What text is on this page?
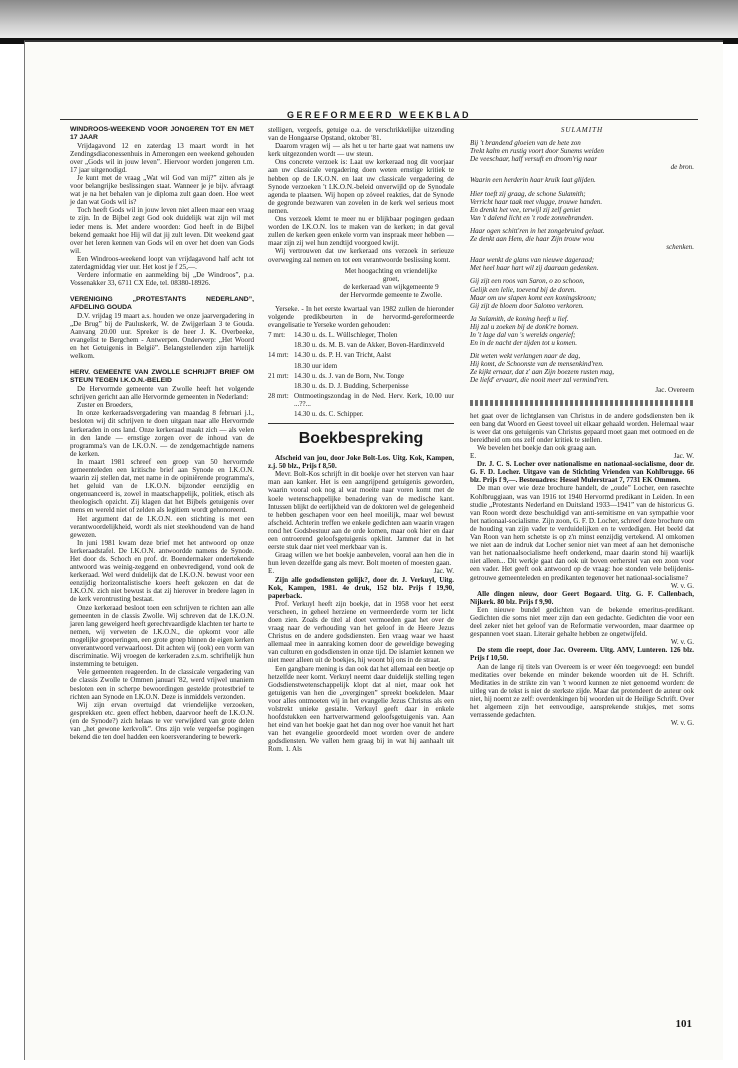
GEREFORMEERD WEEKBLAD
WINDROOS-WEEKEND VOOR JONGEREN TOT EN MET 17 JAAR

Vrijdagavond 12 en zaterdag 13 maart wordt in het Zendingsdiaconessenhuis in Amerongen een weekend gehouden over „Gods wil in jouw leven”. Hiervoor worden jongeren t.m. 17 jaar uitgenodigd.

Je kunt met de vraag „Wat wil God van mij?” zitten als je voor belangrijke beslissingen staat. Wanneer je je bijv. afvraagt wat je na het behalen van je diploma zult gaan doen. Hoe weet je dan wat Gods wil is?

Toch heeft Gods wil in jouw leven niet alleen maar een vraag te zijn. In de Bijbel zegt God ook duidelijk wat zijn wil met ieder mens is. Met andere woorden: God heeft in de Bijbel bekend gemaakt hoe Hij wil dat jij zult leven. Dit weekend gaat over het leren kennen van Gods wil en over het doen van Gods wil.

Een Windroos-weekend loopt van vrijdagavond half acht tot zaterdagmiddag vier uur. Het kost je f 25,—.

Verdere informatie en aanmelding bij „De Windroos”, p.a. Vossenakker 33, 6711 CX Ede, tel. 08380-18926.

VERENIGING „PROTESTANTS NEDERLAND”, AFDELING GOUDA

D.V. vrijdag 19 maart a.s. houden we onze jaarvergadering in „De Brug” bij de Pauluskerk, W. de Zwijgerlaan 3 te Gouda. Aanvang 20.00 uur. Spreker is de heer J. K. Overbeeke, evangelist te Bergchem - Antwerpen. Onderwerp: „Het Woord en het Getuigenis in België”. Belangstellenden zijn hartelijk welkom.

HERV. GEMEENTE VAN ZWOLLE SCHRIJFT BRIEF OM STEUN TEGEN I.K.O.N.-BELEID

De Hervormde gemeente van Zwolle heeft het volgende schrijven gericht aan alle Hervormde gemeenten in Nederland:

Zuster en Broeders,

In onze kerkeraadsvergadering van maandag 8 februari j.l., besloten wij dit schrijven te doen uitgaan naar alle Hervormde kerkeraden in ons land. Onze kerkeraad maakt zich — als velen in den lande — ernstige zorgen over de inhoud van de programma's van de I.K.O.N. — de zendgemachtigde namens de kerken.

In maart 1981 schreef een groep van 50 hervormde gemeenteleden een kritische brief aan Synode en I.K.O.N. waarin zij stellen dat, met name in de opiniërende programma's, het geluid van de I.K.O.N. bijzonder eenzijdig en ongenuanceerd is, zowel in maatschappelijk, politiek, etisch als theologisch opzicht. Zij klagen dat het Bijbels getuigenis over mens en wereld niet of zelden als legitiem wordt gehonoreerd.

Het argument dat de I.K.O.N. een stichting is met een verantwoordelijkheid, wordt als niet steekhoudend van de hand gewezen.

In juni 1981 kwam deze brief met het antwoord op onze kerkeraadstafel. De I.K.O.N. antwoordde namens de Synode. Het door ds. Schoch en prof. dr. Boendermaker ondertekende antwoord was weinig-zeggend en onbevredigend, vond ook de kerkeraad. Wel werd duidelijk dat de I.K.O.N. bewust voor een eenzijdig horizontalistische koers heeft gekozen en dat de I.K.O.N. zich niet bewust is dat zij hierover in bredere lagen in de kerk verontrusting bestaat.

Onze kerkeraad besloot toen een schrijven te richten aan alle gemeenten in de classis Zwolle. Wij schreven dat de I.K.O.N. jaren lang geweigerd heeft gerechtvaardigde klachten ter harte te nemen, wij verweten de I.K.O.N., die opkomt voor alle mogelijke groeperingen, een grote groep binnen de eigen kerken onverantwoord verwaarloost. Dit achten wij (ook) een vorm van discriminatie. Wij vroegen de kerkeraden z.s.m. schriftelijk hun instemming te betuigen.

Vele gemeenten reageerden. In de classicale vergadering van de classis Zwolle te Ommen januari '82, werd vrijwel unaniem besloten een in scherpe bewoordingen gestelde protestbrief te richten aan Synode en I.K.O.N. Deze is inmiddels verzonden.

Wij zijn ervan overtuigd dat vriendelijke verzoeken, gesprekken etc. geen effect hebben, daarvoor heeft de I.K.O.N. (en de Synode?) zich helaas te ver verwijderd van grote delen van „het gewone kerkvolk”. Ons zijn vele vergeefse pogingen bekend die ten doel hadden een koersverandering te bewerk-

stelligen, vergeefs, getuige o.a. de verschrikkelijke uitzending van de Hongaarse Opstand, oktober '81.

Daarom vragen wij — als het u ter harte gaat wat namens uw kerk uitgezonden wordt — uw steun.

Ons concrete verzoek is: Laat uw kerkeraad nog dit voorjaar aan uw classicale vergadering doen weten ernstige kritiek te hebben op de I.K.O.N. en laat uw classicale vergadering de Synode verzoeken 't I.K.O.N.-beleid onverwijld op de Synodale agenda te plaatsen. Wij hopen op zóveel reakties, dat de Synode de gegronde bezwaren van zovelen in de kerk wel serieus moet nemen.

Ons verzoek klemt te meer nu er blijkbaar pogingen gedaan worden de I.K.O.N. los te maken van de kerken; in dat geval zullen de kerken geen enkele vorm van inspraak meer hebben — maar zijn zij wel hun zendtijd voorgoed kwijt.

Wij vertrouwen dat uw kerkeraad ons verzoek in serieuze overweging zal nemen en tot een verantwoorde beslissing komt.

Met hoogachting en vriendelijke
groet,
de kerkeraad van wijkgemeente 9
der Hervormde gemeente te Zwolle.

Yerseke. - In het eerste kwartaal van 1982 zullen de hieronder volgende predikbeurten in de hervormd-gereformeerde evangelisatie te Yerseke worden gehouden:

7 mrt:	14.30 u. ds. L. Wüllschleger, Tholen
18.30 u. ds. M. B. van de Akker, Boven-Hardinxveld
14 mrt: 14.30 u. ds. P. H. van Tricht, Aalst
18.30 uur idem
21 mrt: 14.30 u. ds. J. van de Born, Nw. Tonge
18.30 u. ds. D. J. Budding, Scherpenisse
28 mrt: Ontmoetingszondag in de Ned. Herv. Kerk, 10.00 uur ...??...
14.30 u. ds. C. Schipper.
Boekbespreking

Afscheid van jou, door Joke Bolt-Los. Uitg. Kok, Kampen, z.j. 50 blz., Prijs f 8,50.

Mevr. Bolt-Kos schrijft in dit boekje over het sterven van haar man aan kanker. Het is een aangrijpend getuigenis geworden, waarin vooral ook nog al wat moeite naar voren komt met de koele wetenschappelijke benadering van de medische kant. Intussen blijkt de eerlijkheid van de doktoren wel de gelegenheid te hebben geschapen voor een heel moeilijk, maar wel bewust afscheid. Achterin treffen we enkele gedichten aan waarin vragen rond het Godsbestuur aan de orde komen, maar ook hier en daar een ontroerend geloofsgetuigenis opklint. Jammer dat in het eerste stuk daar niet veel merkbaar van is.

Graag willen we het boekje aanbevelen, vooral aan hen die in hun leven dezelfde gang als mevr. Bolt moeten of moesten gaan.

E.	Jac. W.

Zijn alle godsdiensten gelijk?, door dr. J. Verkuyl, Uitg. Kok, Kampen, 1981. 4e druk, 152 blz. Prijs f 19,90, paperback.

Prof. Verkuyl heeft zijn boekje, dat in 1958 voor het eerst verscheen, in geheel herziene en vermeerderde vorm ter licht doen zien. Zoals de titel al doet vermoeden gaat het over de vraag naar de verhouding van het geloof in de Heere Jezus Christus en de andere godsdiensten. Een vraag waar we haast allemaal mee in aanraking komen door de geweldige beweging van culturen en godsdiensten in onze tijd. De islamiet kennen we niet meer alleen uit de boekjes, hij woont bij ons in de straat.

Een gangbare mening is dan ook dat het allemaal een beetje op hetzelfde neer komt. Verkuyl neemt daar duidelijk stelling tegen Godsdienstwetenschappelijk klopt dat al niet, maar ook het getuigenis van hen die „overgingen” spreekt boekdelen. Maar voor alles ontmoeten wij in het evangelie Jezus Christus als een volstrekt unieke gestalte. Verkuyl geeft daar in enkele hoofdstukken een hartverwarmend geloofsgetuigenis van. Aan het eind van het boekje gaat het dan nog over hoe vanuit het hart van het evangelie geoordeeld moet worden over de andere godsdiensten. We vallen hem graag bij in wat hij aanhaalt uit Rom. 1. Als

SULAMITH
Bij 't brandend gloeien van de hete zon
Trekt kalm en rustig voort door Sunems weiden
De veeschaar, half versuft en droom'rig naar
de bron.
Waarin een herderin haar kruik laat glijden.
Hier toeft zij graag, de schone Sulamith;
Verricht haar taak met vlugge, trouwe handen.
En drenkt het vee, terwijl zij zelf geniet
Van 't dalend licht en 't rode zonnebranden.
Haar ogen schitt'ren in het zongebruind gelaat.
Ze denkt aan Hem, die haar Zijn trouw wou
schenken.
Haar wenkt de glans van nieuwe dageraad;
Met heel haar hart wil zij daaraan gedenken.
Gij zijt een roos van Saron, o zo schoon,
Gelijk een lelie, toevend bij de doren.
Maar om uw slapen komt een koningskroon;
Gij zijt de bloem door Salomo verkoren.
Ja Sulamith, de koning heeft u lief.
Hij zal u zoeken bij de donk're bomen.
In 't lage dal van 's werelds ongerief;
En in de nacht der tijden tot u komen.
Dit weten wekt verlangen naar de dag,
Hij komt, de Schoonste van de mensenkind'ren.
Ze kijkt ernaar, dat z' aan Zijn boezem rusten mag,
De liefd' ervaart, die nooit meer zal vermind'ren.

Jac. Overeem

het gaat over de lichtglansen van Christus in de andere godsdiensten ben ik een bang dat Woord en Geest toveel uit elkaar gehaald worden. Helemaal waar is weer dat ons getuigenis van Christus gepaard moet gaan met ootmoed en de bereidheid om ons zelf onder kritiek te stellen.

We bevelen het boekje dan ook graag aan.

E.	Jac. W.

Dr. J. C. S. Locher over nationalisme en nationaal-socialisme, door dr. G. F. D. Locher. Uitgave van de Stichting Vrienden van Kohlbrugge. 66 blz. Prijs f 9,—. Besteuadres: Hessel Mulerstraat 7, 7731 EK Ommen.

De man over wie deze brochure handelt, de „oude” Locher, een rasechte Kohlbruggiaan, was van 1916 tot 1940 Hervormd predikant in Leiden. In een studie „Protestants Nederland en Duitsland 1933—1941” van de historicus G. van Roon wordt deze beschuldigd van anti-semitisme en van sympathie voor het nationaal-socialisme. Zijn zoon, G. F. D. Locher, schreef deze brochure om de houding van zijn vader te verduidelijken en te verdedigen. Het beeld dat Van Roon van hem schetste is op z'n minst eenzijdig vertekend. Al omkomen we niet aan de indruk dat Locher senior niet van meet af aan het demonische van het nationaalsocialisme heeft onderkend, maar daarin stond hij waarlijk niet alleen... Dit werkje gaat dan ook uit boven eerherstel van een zoon voor een vader. Het geeft ook antwoord op de vraag: hoe stonden vele belijdenis-getrouwe gemeenteleden en predikanten tegenover het nationaal-socialisme?

W. v. G.

Alle dingen nieuw, door Geert Bogaard. Uitg. G. F. Callenbach, Nijkerk. 80 blz. Prijs f 9,90.

Een nieuwe bundel gedichten van de bekende emeritus-predikant. Gedichten die soms niet meer zijn dan een gedachte. Gedichten die voor een deel zeker niet het geloof van de Reformatie verwoorden, maar daarmee op gespannen voet staan. Literair gehalte hebben ze ongetwijfeld.

W. v. G.

De stem die roept, door Jac. Overeem. Uitg. AMV, Lunteren. 126 blz. Prijs f 10,50.

Aan de lange rij titels van Overeem is er weer één toegevoegd: een bundel meditaties over bekende en minder bekende woorden uit de H. Schrift. Meditaties in de strikte zin van 't woord kunnen ze niet genoemd worden: de uitleg van de tekst is niet de sterkste zijde. Maar dat pretendeert de auteur ook niet, hij noemt ze zelf: overdenkingen bij woorden uit de Heilige Schrift. Over het algemeen zijn het eenvoudige, aansprekende stukjes, met soms verrassende gedachten.

W. v. G.

101
